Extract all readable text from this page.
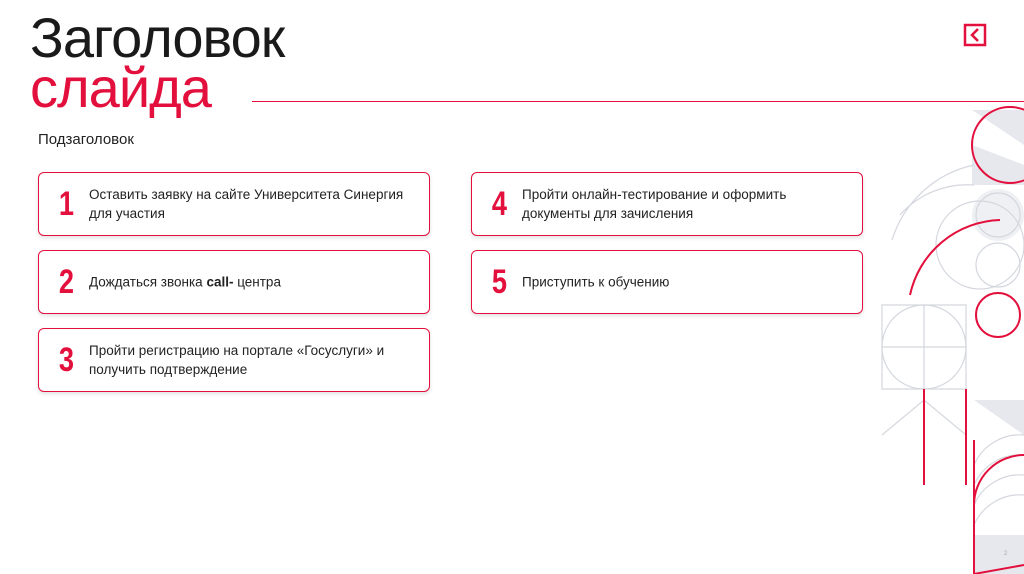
Заголовок
слайда
Подзаголовок
1 Оставить заявку на сайте Университета Синергия для участия
2 Дождаться звонка call- центра
3 Пройти регистрацию на портале «Госуслуги» и получить подтверждение
4 Пройти онлайн-тестирование и оформить документы для зачисления
5 Приступить к обучению
2
